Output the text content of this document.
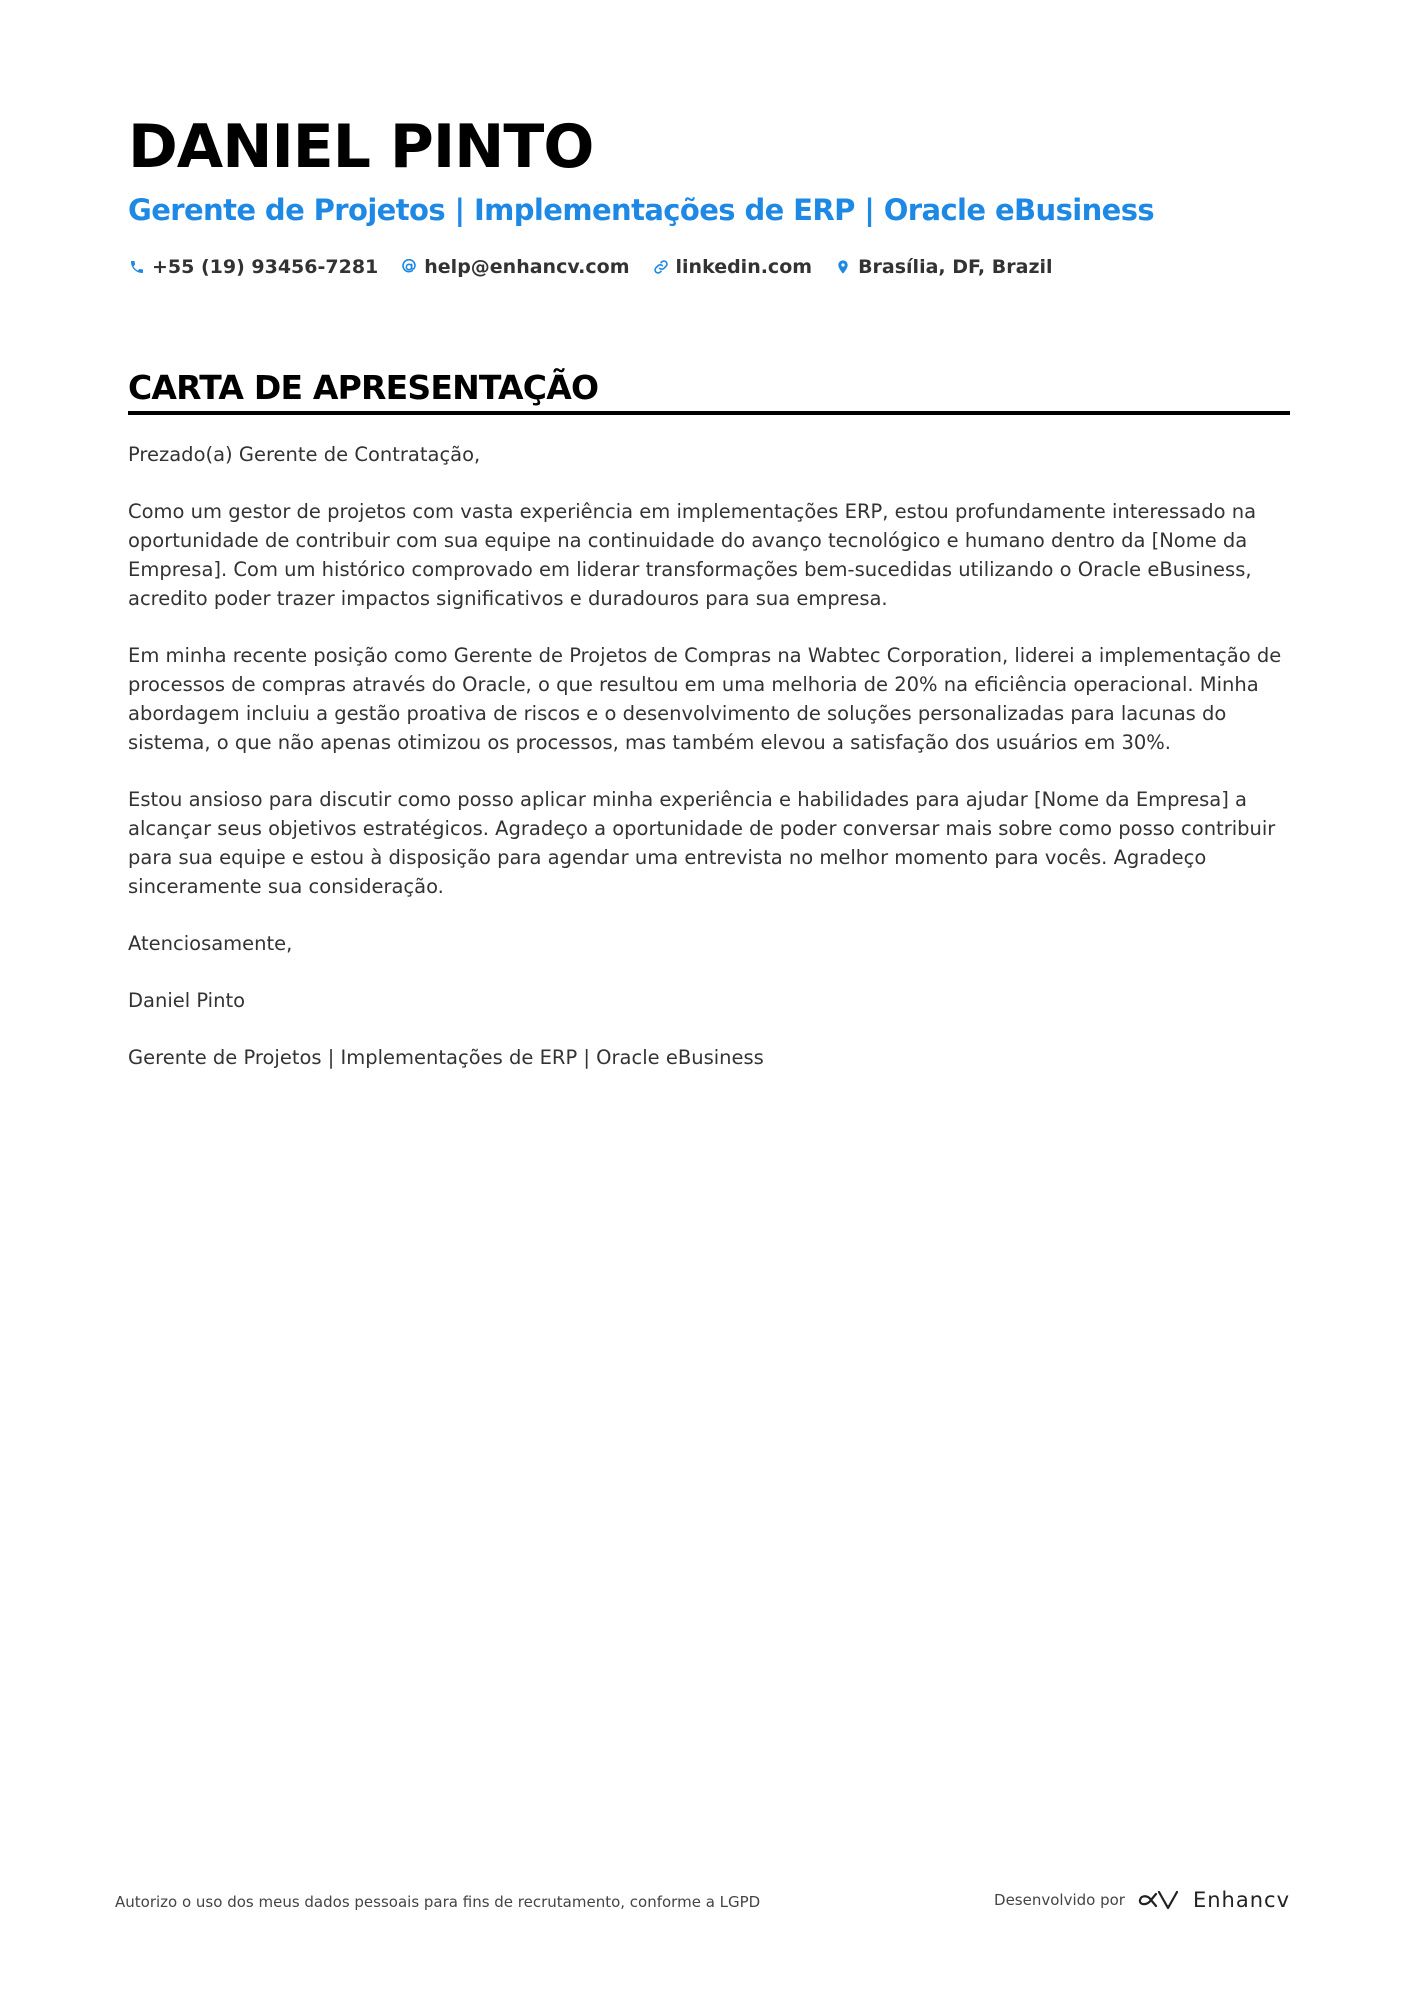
DANIEL PINTO
Gerente de Projetos | Implementações de ERP | Oracle eBusiness
+55 (19) 93456-7281 help@enhancv.com linkedin.com Brasília, DF, Brazil
CARTA DE APRESENTAÇÃO

Prezado(a) Gerente de Contratação,

Como um gestor de projetos com vasta experiência em implementações ERP, estou profundamente interessado na oportunidade de contribuir com sua equipe na continuidade do avanço tecnológico e humano dentro da [Nome da Empresa]. Com um histórico comprovado em liderar transformações bem-sucedidas utilizando o Oracle eBusiness, acredito poder trazer impactos significativos e duradouros para sua empresa.

Em minha recente posição como Gerente de Projetos de Compras na Wabtec Corporation, liderei a implementação de processos de compras através do Oracle, o que resultou em uma melhoria de 20% na eficiência operacional. Minha abordagem incluiu a gestão proativa de riscos e o desenvolvimento de soluções personalizadas para lacunas do sistema, o que não apenas otimizou os processos, mas também elevou a satisfação dos usuários em 30%.

Estou ansioso para discutir como posso aplicar minha experiência e habilidades para ajudar [Nome da Empresa] a alcançar seus objetivos estratégicos. Agradeço a oportunidade de poder conversar mais sobre como posso contribuir para sua equipe e estou à disposição para agendar uma entrevista no melhor momento para vocês. Agradeço sinceramente sua consideração.

Atenciosamente,

Daniel Pinto

Gerente de Projetos | Implementações de ERP | Oracle eBusiness

Autorizo o uso dos meus dados pessoais para fins de recrutamento, conforme a LGPD	Desenvolvido por	Enhancv
